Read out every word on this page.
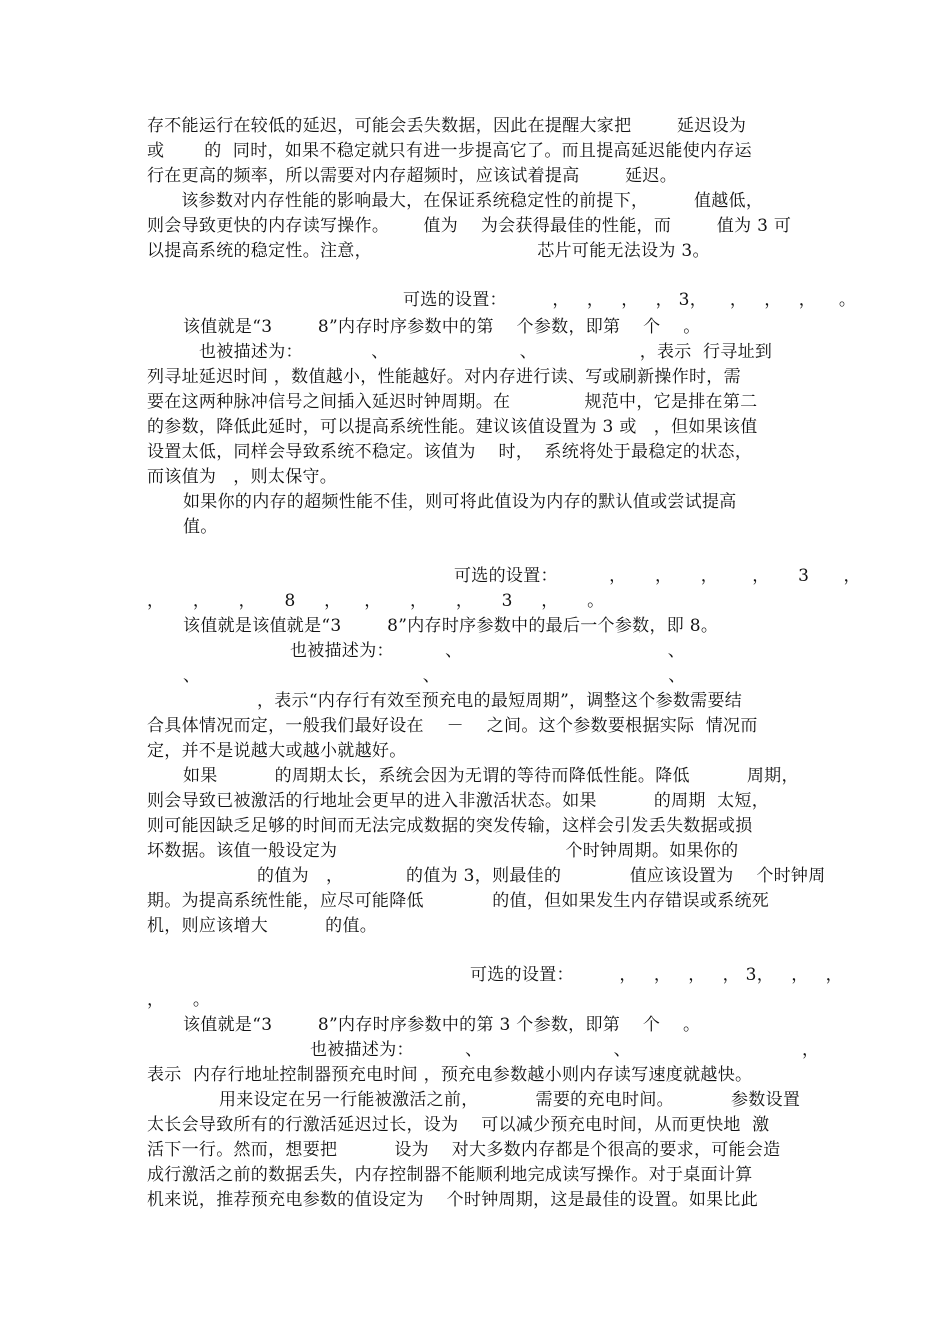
存不能运行在较低的延迟，可能会丢失数据，因此在提醒大家把        延迟设为
或       的  同时，如果不稳定就只有进一步提高它了。而且提高延迟能使内存运
行在更高的频率，所以需要对内存超频时，应该试着提高        延迟。
该参数对内存性能的影响最大，在保证系统稳定性的前提下，        值越低，
则会导致更快的内存读写操作。      值为    为会获得最佳的性能，而        值为 3 可
以提高系统的稳定性。注意，                             芯片可能无法设为 3。
可选的设置：        ，   ，   ，   ， 3，    ，   ，   ，    。
该值就是“3        8”内存时序参数中的第    个参数，即第    个    。
也被描述为：            、                       、                  ，表示  行寻址到
列寻址延迟时间 ，数值越小，性能越好。对内存进行读、写或刷新操作时，需
要在这两种脉冲信号之间插入延迟时钟周期。在             规范中，它是排在第二
的参数，降低此延时，可以提高系统性能。建议该值设置为 3 或   ，但如果该值
设置太低，同样会导致系统不稳定。该值为    时，  系统将处于最稳定的状态，
而该值为   ，则太保守。
如果你的内存的超频性能不佳，则可将此值设为内存的默认值或尝试提高
值。
可选的设置：         ，     ，     ，      ，     3      ，
，     ，     ，     8     ，    ，     ，     ，     3     ，     。
该值就是该值就是“3        8”内存时序参数中的最后一个参数，即 8。
也被描述为：         、                                    、
、                                       、                                        、
，表示“内存行有效至预充电的最短周期”，调整这个参数需要结
合具体情况而定，一般我们最好设在    －    之间。这个参数要根据实际  情况而
定，并不是说越大或越小就越好。
如果          的周期太长，系统会因为无谓的等待而降低性能。降低          周期，
则会导致已被激活的行地址会更早的进入非激活状态。如果          的周期  太短，
则可能因缺乏足够的时间而无法完成数据的突发传输，这样会引发丢失数据或损
坏数据。该值一般设定为                                        个时钟周期。如果你的
的值为   ，           的值为 3，则最佳的            值应该设置为    个时钟周
期。为提高系统性能，应尽可能降低            的值，但如果发生内存错误或系统死
机，则应该增大          的值。
可选的设置：        ，   ，   ，   ， 3，   ，   ，
，     。
该值就是“3        8”内存时序参数中的第 3 个参数，即第    个    。
也被描述为：         、                       、                              ，
表示  内存行地址控制器预充电时间 ，预充电参数越小则内存读写速度就越快。
用来设定在另一行能被激活之前，          需要的充电时间。          参数设置
太长会导致所有的行激活延迟过长，设为    可以减少预充电时间，从而更快地  激
活下一行。然而，想要把          设为    对大多数内存都是个很高的要求，可能会造
成行激活之前的数据丢失，内存控制器不能顺利地完成读写操作。对于桌面计算
机来说，推荐预充电参数的值设定为    个时钟周期，这是最佳的设置。如果比此
